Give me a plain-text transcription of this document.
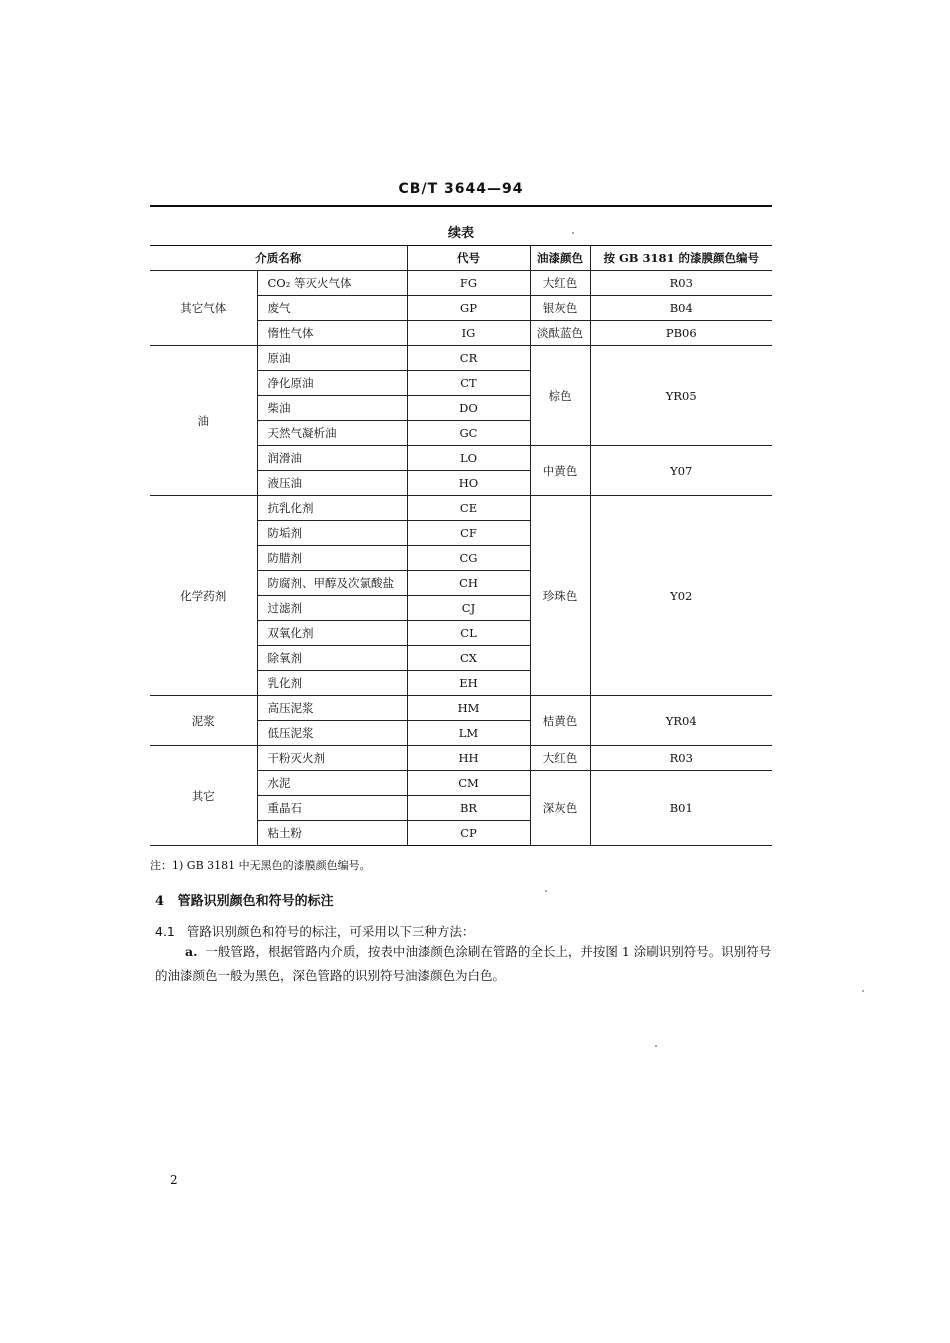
CB/T 3644—94
续表
介质名称		代号	油漆颜色	按 GB 3181 的漆膜颜色编号
其它气体	CO₂ 等灭火气体	FG	大红色	R03
	废气	GP	银灰色	B04
	惰性气体	IG	淡酞蓝色	PB06
油	原油	CR	棕色	YR05
	净化原油	CT		
	柴油	DO		
	天然气凝析油	GC		
	润滑油	LO	中黄色	Y07
	液压油	HO		
化学药剂	抗乳化剂	CE	珍珠色	Y02
	防垢剂	CF		
	防腊剂	CG		
	防腐剂、甲醇及次氯酸盐	CH		
	过滤剂	CJ		
	双氧化剂	CL		
	除氧剂	CX		
	乳化剂	EH		
泥浆	高压泥浆	HM	桔黄色	YR04
	低压泥浆	LM		
其它	干粉灭火剂	HH	大红色	R03
	水泥	CM	深灰色	B01
	重晶石	BR		
	粘土粉	CP		
注：1) GB 3181 中无黑色的漆膜颜色编号。
4 管路识别颜色和符号的标注
4.1 管路识别颜色和符号的标注，可采用以下三种方法：
a. 一般管路，根据管路内介质，按表中油漆颜色涂刷在管路的全长上，并按图 1 涂刷识别符号。识别符号的油漆颜色一般为黑色，深色管路的识别符号油漆颜色为白色。
2
